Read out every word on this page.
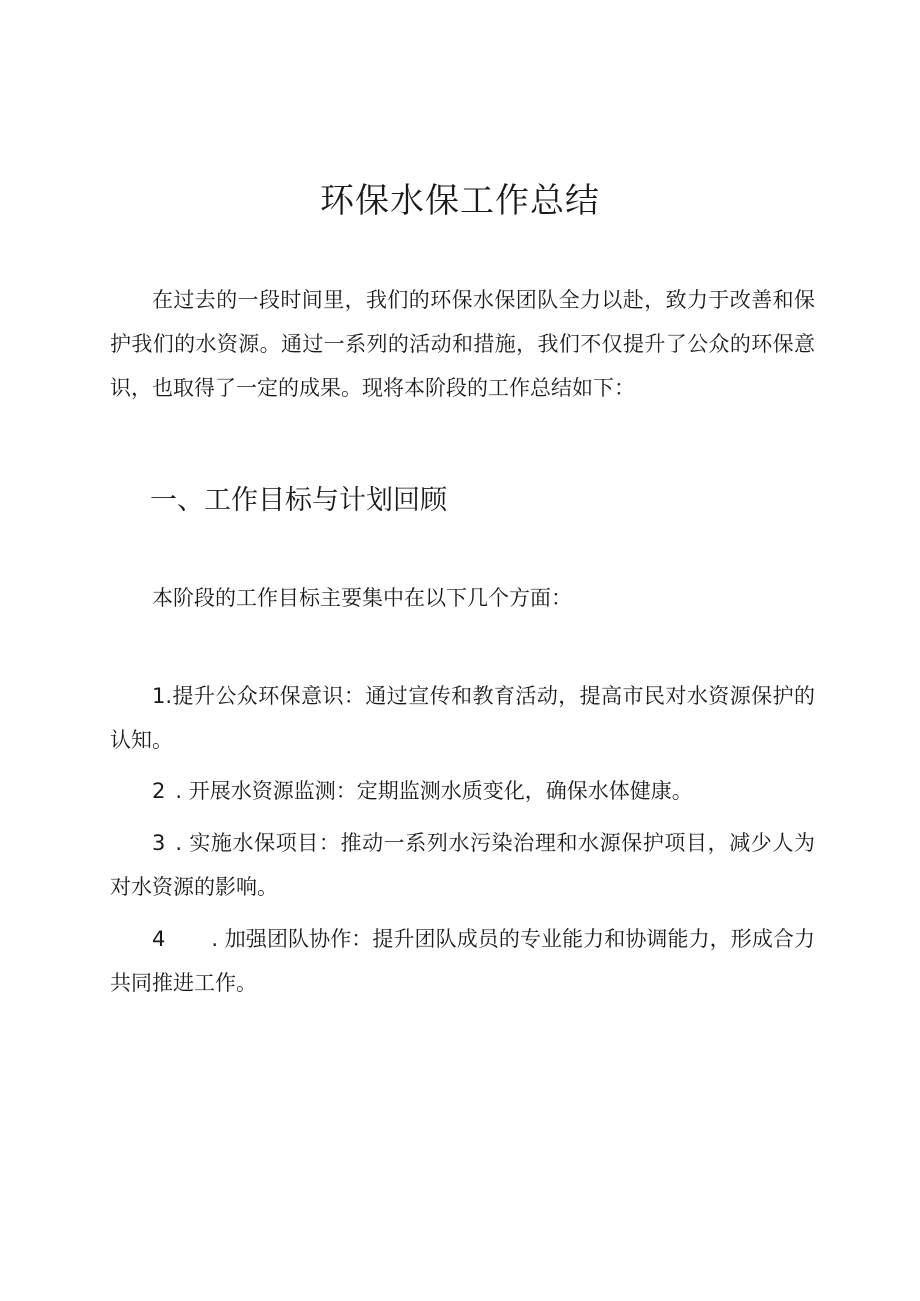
环保水保工作总结

在过去的一段时间里，我们的环保水保团队全力以赴，致力于改善和保护我们的水资源。通过一系列的活动和措施，我们不仅提升了公众的环保意识，也取得了一定的成果。现将本阶段的工作总结如下：

一、工作目标与计划回顾

本阶段的工作目标主要集中在以下几个方面：

1.提升公众环保意识：通过宣传和教育活动，提高市民对水资源保护的认知。

2 . 开展水资源监测：定期监测水质变化，确保水体健康。

3 . 实施水保项目：推动一系列水污染治理和水源保护项目，减少人为对水资源的影响。

4 . 加强团队协作：提升团队成员的专业能力和协调能力，形成合力共同推进工作。
